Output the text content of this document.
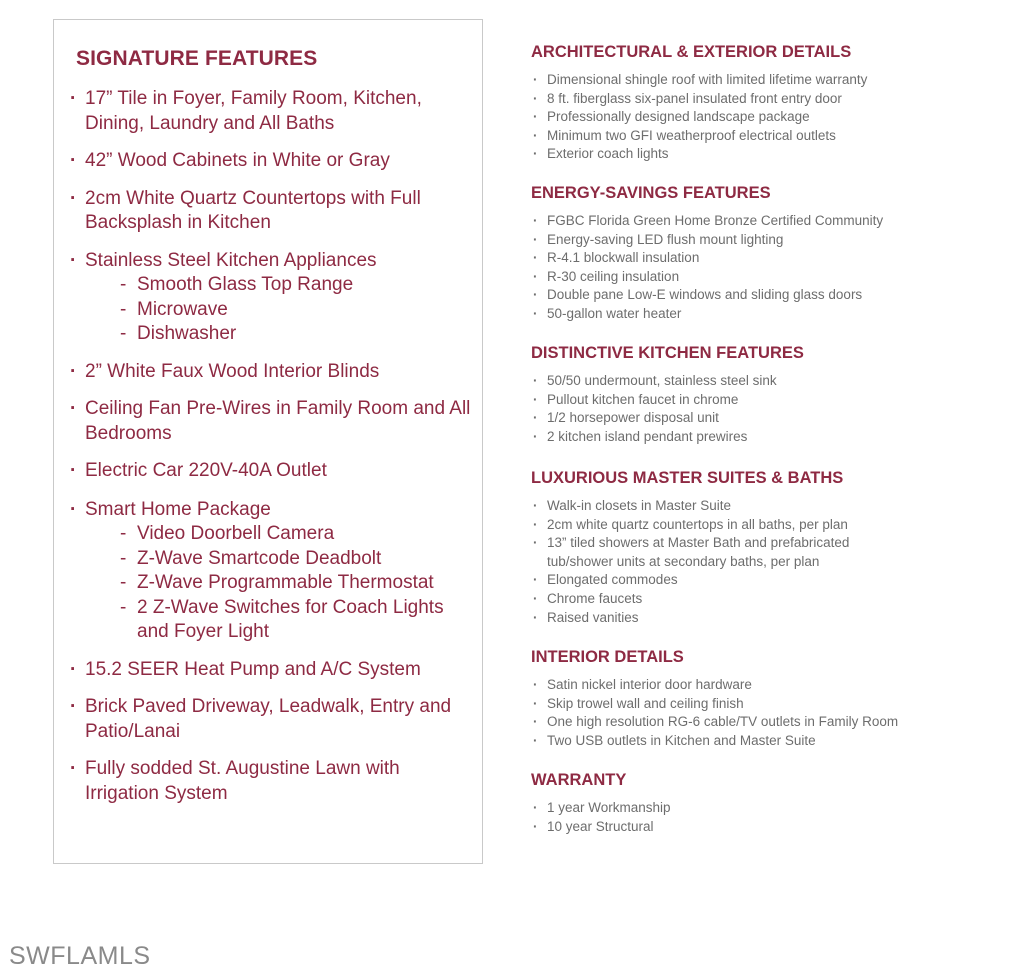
SIGNATURE FEATURES
· 17” Tile in Foyer, Family Room, Kitchen, Dining, Laundry and All Baths
· 42” Wood Cabinets in White or Gray
· 2cm White Quartz Countertops with Full Backsplash in Kitchen
· Stainless Steel Kitchen Appliances
- Smooth Glass Top Range
- Microwave
- Dishwasher
· 2” White Faux Wood Interior Blinds
· Ceiling Fan Pre-Wires in Family Room and All Bedrooms
· Electric Car 220V-40A Outlet
· Smart Home Package
- Video Doorbell Camera
- Z-Wave Smartcode Deadbolt
- Z-Wave Programmable Thermostat
- 2 Z-Wave Switches for Coach Lights and Foyer Light
· 15.2 SEER Heat Pump and A/C System
· Brick Paved Driveway, Leadwalk, Entry and Patio/Lanai
· Fully sodded St. Augustine Lawn with Irrigation System
ARCHITECTURAL & EXTERIOR DETAILS
· Dimensional shingle roof with limited lifetime warranty
· 8 ft. fiberglass six-panel insulated front entry door
· Professionally designed landscape package
· Minimum two GFI weatherproof electrical outlets
· Exterior coach lights
ENERGY-SAVINGS FEATURES
· FGBC Florida Green Home Bronze Certified Community
· Energy-saving LED flush mount lighting
· R-4.1 blockwall insulation
· R-30 ceiling insulation
· Double pane Low-E windows and sliding glass doors
· 50-gallon water heater
DISTINCTIVE KITCHEN FEATURES
· 50/50 undermount, stainless steel sink
· Pullout kitchen faucet in chrome
· 1/2 horsepower disposal unit
· 2 kitchen island pendant prewires
LUXURIOUS MASTER SUITES & BATHS
· Walk-in closets in Master Suite
· 2cm white quartz countertops in all baths, per plan
· 13” tiled showers at Master Bath and prefabricated tub/shower units at secondary baths, per plan
· Elongated commodes
· Chrome faucets
· Raised vanities
INTERIOR DETAILS
· Satin nickel interior door hardware
· Skip trowel wall and ceiling finish
· One high resolution RG-6 cable/TV outlets in Family Room
· Two USB outlets in Kitchen and Master Suite
WARRANTY
· 1 year Workmanship
· 10 year Structural

SWFLAMLS
